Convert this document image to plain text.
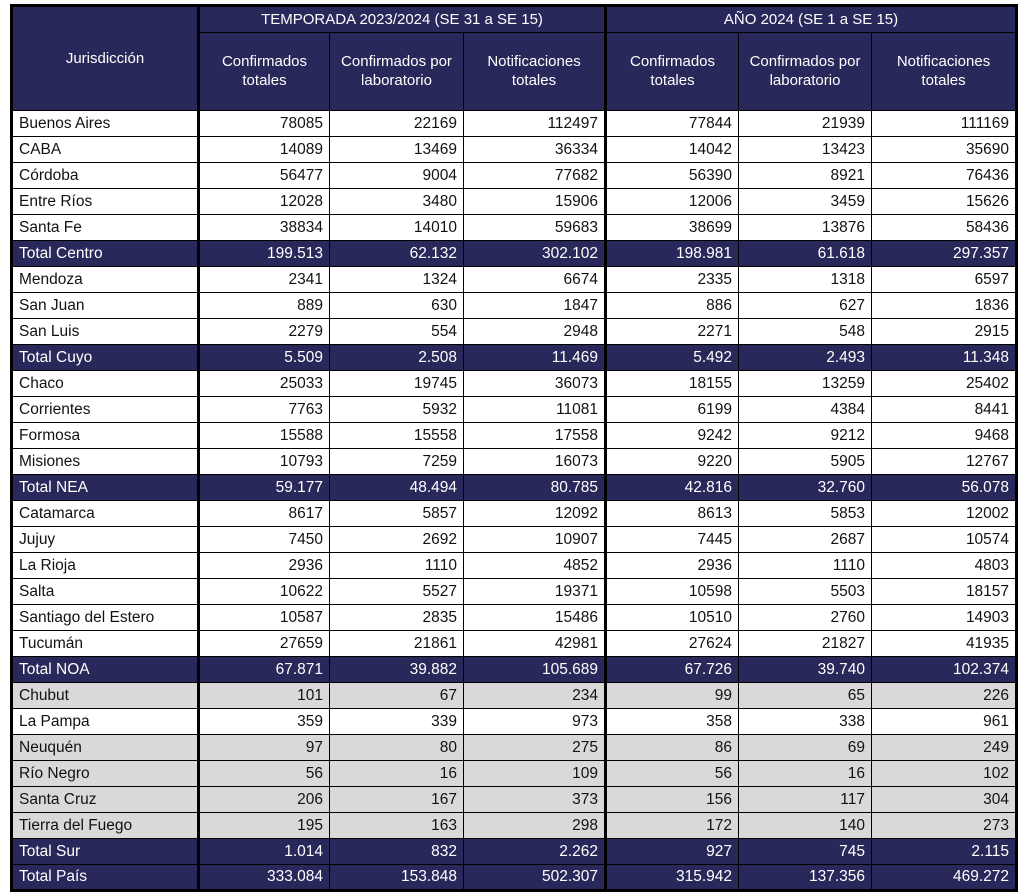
Jurisdicción	TEMPORADA 2023/2024 (SE 31 a SE 15)			AÑO 2024 (SE 1 a SE 15)		
	Confirmados totales	Confirmados por laboratorio	Notificaciones totales	Confirmados totales	Confirmados por laboratorio	Notificaciones totales
Buenos Aires	78085	22169	112497	77844	21939	111169
CABA	14089	13469	36334	14042	13423	35690
Córdoba	56477	9004	77682	56390	8921	76436
Entre Ríos	12028	3480	15906	12006	3459	15626
Santa Fe	38834	14010	59683	38699	13876	58436
Total Centro	199.513	62.132	302.102	198.981	61.618	297.357
Mendoza	2341	1324	6674	2335	1318	6597
San Juan	889	630	1847	886	627	1836
San Luis	2279	554	2948	2271	548	2915
Total Cuyo	5.509	2.508	11.469	5.492	2.493	11.348
Chaco	25033	19745	36073	18155	13259	25402
Corrientes	7763	5932	11081	6199	4384	8441
Formosa	15588	15558	17558	9242	9212	9468
Misiones	10793	7259	16073	9220	5905	12767
Total NEA	59.177	48.494	80.785	42.816	32.760	56.078
Catamarca	8617	5857	12092	8613	5853	12002
Jujuy	7450	2692	10907	7445	2687	10574
La Rioja	2936	1110	4852	2936	1110	4803
Salta	10622	5527	19371	10598	5503	18157
Santiago del Estero	10587	2835	15486	10510	2760	14903
Tucumán	27659	21861	42981	27624	21827	41935
Total NOA	67.871	39.882	105.689	67.726	39.740	102.374
Chubut	101	67	234	99	65	226
La Pampa	359	339	973	358	338	961
Neuquén	97	80	275	86	69	249
Río Negro	56	16	109	56	16	102
Santa Cruz	206	167	373	156	117	304
Tierra del Fuego	195	163	298	172	140	273
Total Sur	1.014	832	2.262	927	745	2.115
Total País	333.084	153.848	502.307	315.942	137.356	469.272
